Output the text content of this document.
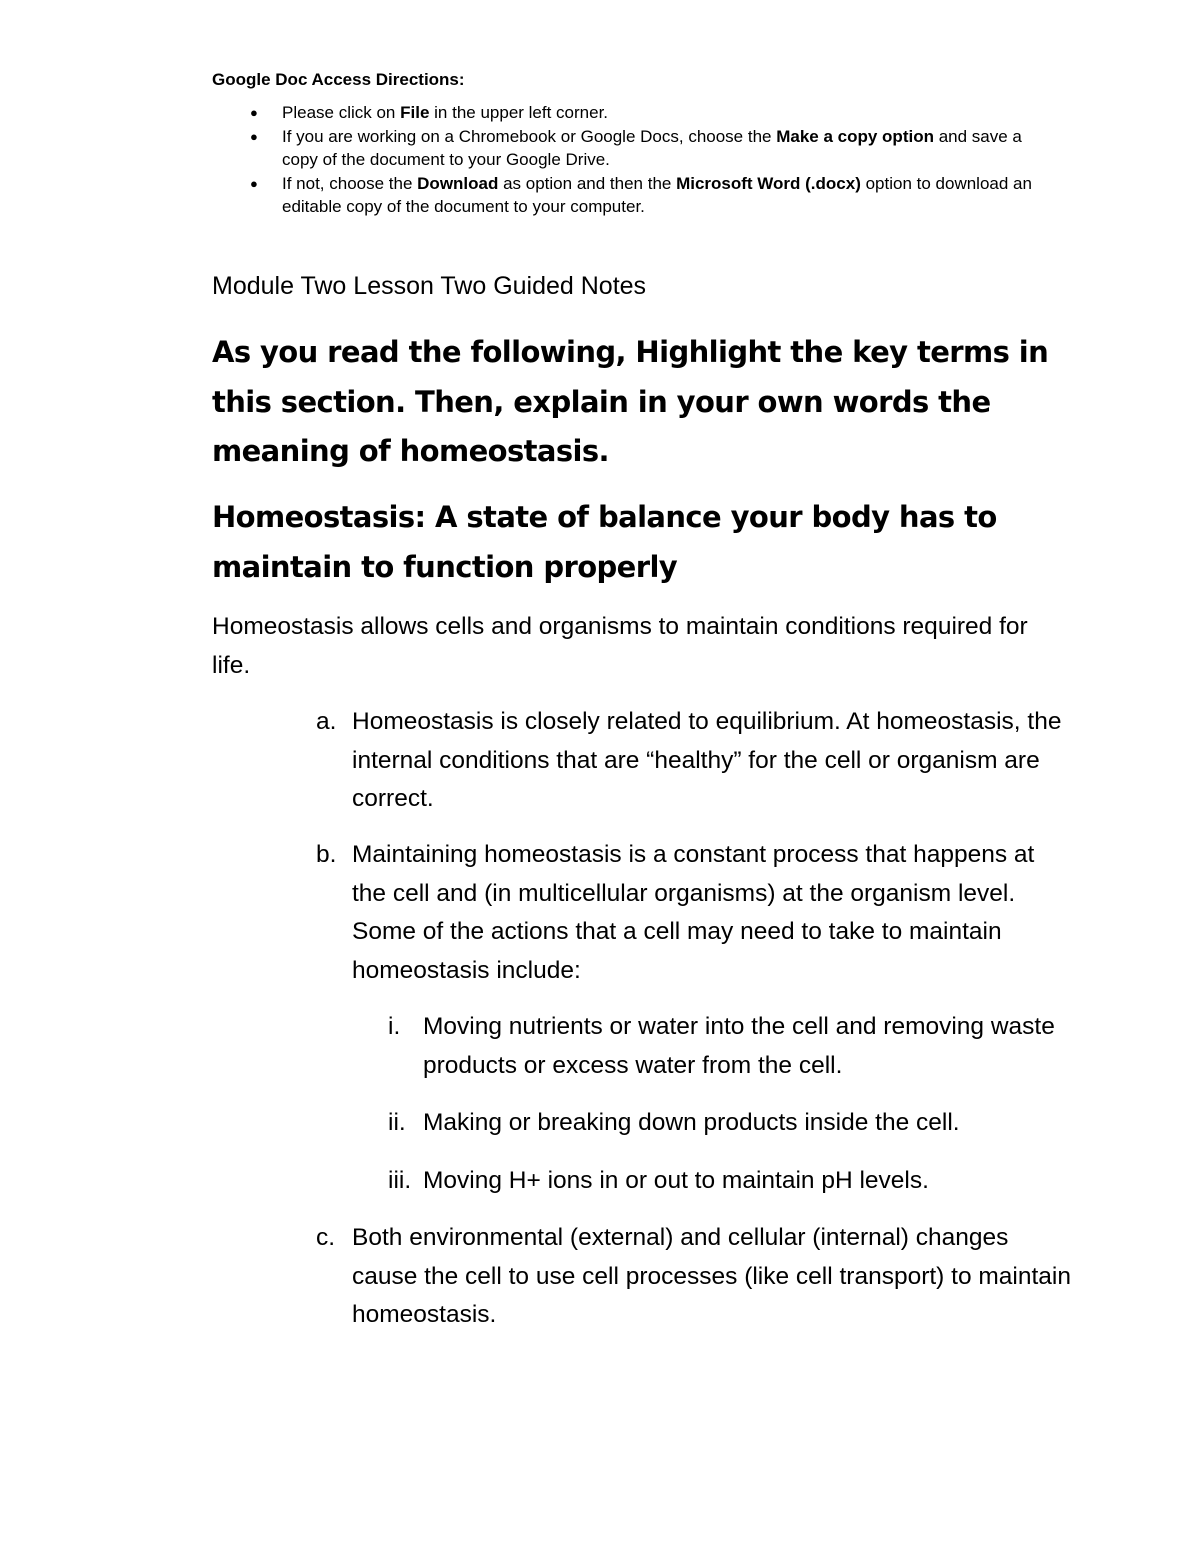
Google Doc Access Directions:

● Please click on File in the upper left corner.
● If you are working on a Chromebook or Google Docs, choose the Make a copy option and save a copy of the document to your Google Drive.
● If not, choose the Download as option and then the Microsoft Word (.docx) option to download an editable copy of the document to your computer.
Module Two Lesson Two Guided Notes

As you read the following, Highlight the key terms in this section. Then, explain in your own words the meaning of homeostasis.

Homeostasis: A state of balance your body has to maintain to function properly

Homeostasis allows cells and organisms to maintain conditions required for life.

a. Homeostasis is closely related to equilibrium. At homeostasis, the internal conditions that are “healthy” for the cell or organism are correct.
b. Maintaining homeostasis is a constant process that happens at the cell and (in multicellular organisms) at the organism level. Some of the actions that a cell may need to take to maintain homeostasis include:
i. Moving nutrients or water into the cell and removing waste products or excess water from the cell.
ii. Making or breaking down products inside the cell.
iii. Moving H+ ions in or out to maintain pH levels.
c. Both environmental (external) and cellular (internal) changes cause the cell to use cell processes (like cell transport) to maintain homeostasis.
